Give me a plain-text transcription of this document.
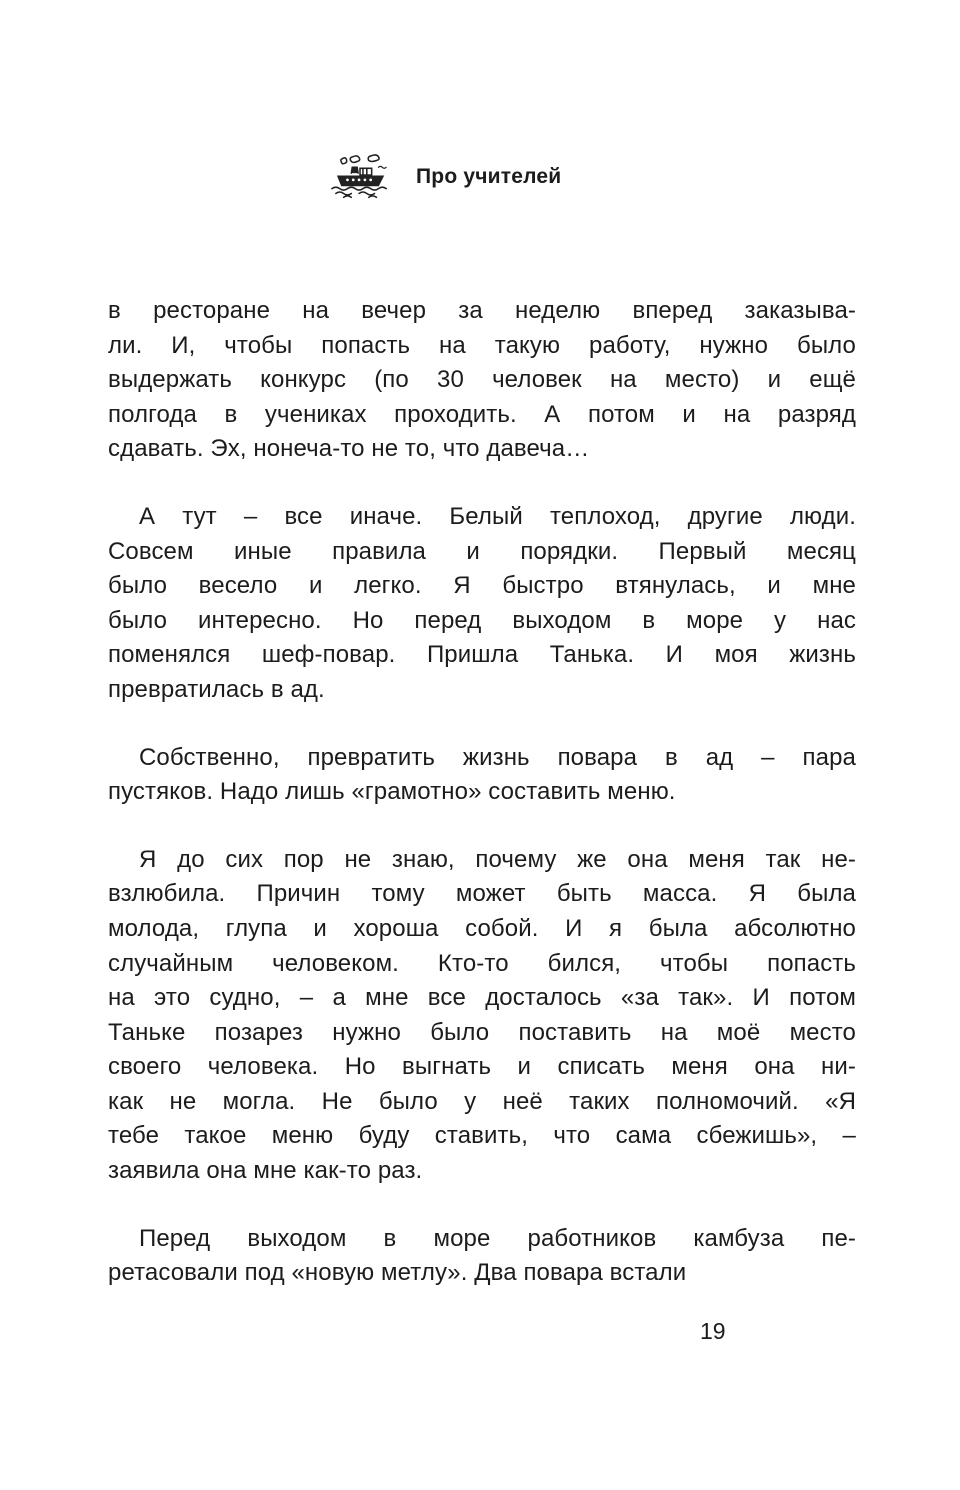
Про учителей

в ресторане на вечер за неделю вперед заказыва-
ли. И, чтобы попасть на такую работу, нужно было
выдержать конкурс (по 30 человек на место) и ещё
полгода в учениках проходить. А потом и на разряд
сдавать. Эх, нонеча-то не то, что давеча…

А тут – все иначе. Белый теплоход, другие люди.
Совсем иные правила и порядки. Первый месяц
было весело и легко. Я быстро втянулась, и мне
было интересно. Но перед выходом в море у нас
поменялся шеф-повар. Пришла Танька. И моя жизнь
превратилась в ад.

Собственно, превратить жизнь повара в ад – пара
пустяков. Надо лишь «грамотно» составить меню.

Я до сих пор не знаю, почему же она меня так не-
взлюбила. Причин тому может быть масса. Я была
молода, глупа и хороша собой. И я была абсолютно
случайным человеком. Кто-то бился, чтобы попасть
на это судно, – а мне все досталось «за так». И потом
Таньке позарез нужно было поставить на моё место
своего человека. Но выгнать и списать меня она ни-
как не могла. Не было у неё таких полномочий. «Я
тебе такое меню буду ставить, что сама сбежишь», –
заявила она мне как-то раз.

Перед выходом в море работников камбуза пе-
ретасовали под «новую метлу». Два повара встали

19
